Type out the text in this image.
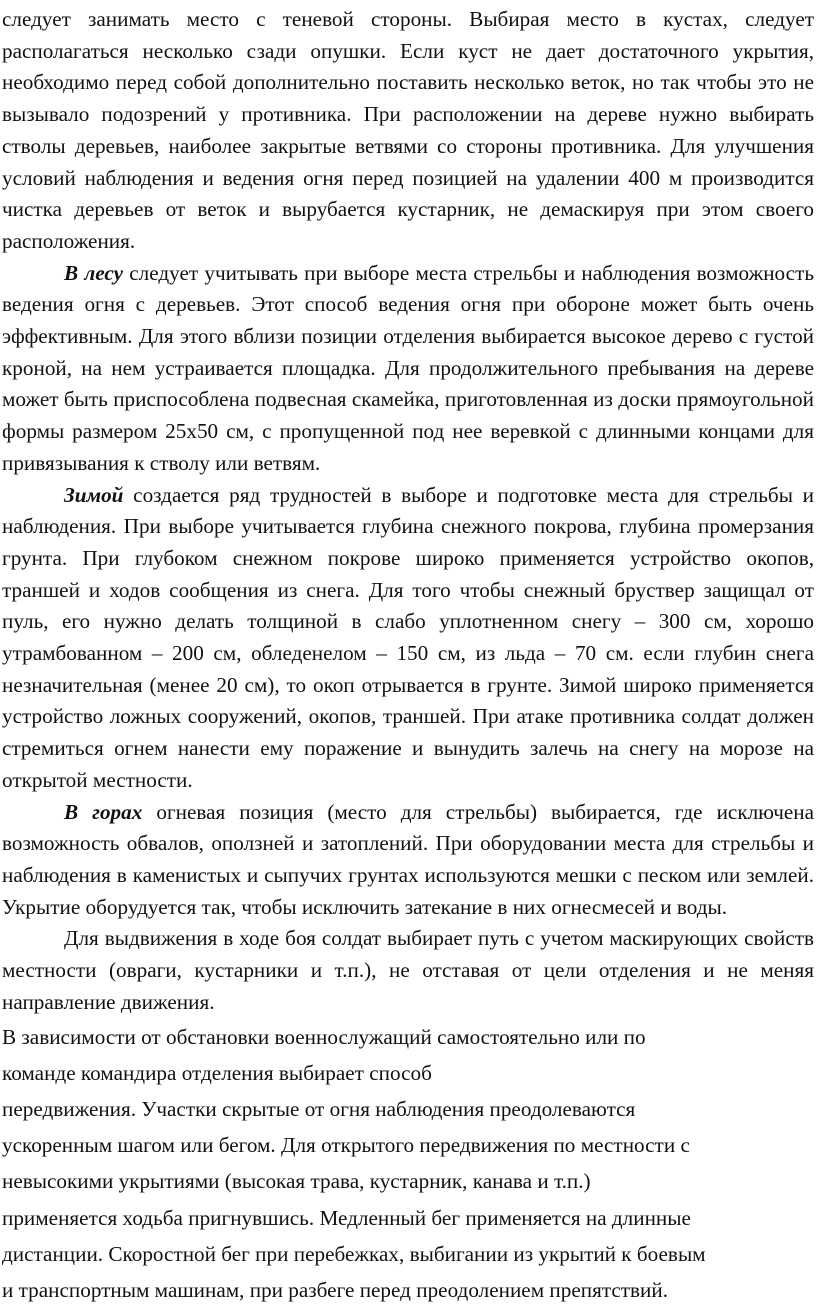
следует занимать место с теневой стороны. Выбирая место в кустах, следует располагаться несколько сзади опушки. Если куст не дает достаточного укрытия, необходимо перед собой дополнительно поставить несколько веток, но так чтобы это не вызывало подозрений у противника. При расположении на дереве нужно выбирать стволы деревьев, наиболее закрытые ветвями со стороны противника. Для улучшения условий наблюдения и ведения огня перед позицией на удалении 400 м производится чистка деревьев от веток и вырубается кустарник, не демаскируя при этом своего расположения.

В лесу следует учитывать при выборе места стрельбы и наблюдения возможность ведения огня с деревьев. Этот способ ведения огня при обороне может быть очень эффективным. Для этого вблизи позиции отделения выбирается высокое дерево с густой кроной, на нем устраивается площадка. Для продолжительного пребывания на дереве может быть приспособлена подвесная скамейка, приготовленная из доски прямоугольной формы размером 25х50 см, с пропущенной под нее веревкой с длинными концами для привязывания к стволу или ветвям.

Зимой создается ряд трудностей в выборе и подготовке места для стрельбы и наблюдения. При выборе учитывается глубина снежного покрова, глубина промерзания грунта. При глубоком снежном покрове широко применяется устройство окопов, траншей и ходов сообщения из снега. Для того чтобы снежный бруствер защищал от пуль, его нужно делать толщиной в слабо уплотненном снегу – 300 см, хорошо утрамбованном – 200 см, обледенелом – 150 см, из льда – 70 см. если глубин снега незначительная (менее 20 см), то окоп отрывается в грунте. Зимой широко применяется устройство ложных сооружений, окопов, траншей. При атаке противника солдат должен стремиться огнем нанести ему поражение и вынудить залечь на снегу на морозе на открытой местности.

В горах огневая позиция (место для стрельбы) выбирается, где исключена возможность обвалов, оползней и затоплений. При оборудовании места для стрельбы и наблюдения в каменистых и сыпучих грунтах используются мешки с песком или землей. Укрытие оборудуется так, чтобы исключить затекание в них огнесмесей и воды.

Для выдвижения в ходе боя солдат выбирает путь с учетом маскирующих свойств местности (овраги, кустарники и т.п.), не отставая от цели отделения и не меняя направление движения.

В зависимости от обстановки военнослужащий самостоятельно или по
команде командира отделения выбирает способ
передвижения. Участки скрытые от огня наблюдения преодолеваются
ускоренным шагом или бегом. Для открытого передвижения по местности с
невысокими укрытиями (высокая трава, кустарник, канава и т.п.)
применяется ходьба пригнувшись. Медленный бег применяется на длинные
дистанции. Скоростной бег при перебежках, выбигании из укрытий к боевым
и транспортным машинам, при разбеге перед преодолением препятствий.
